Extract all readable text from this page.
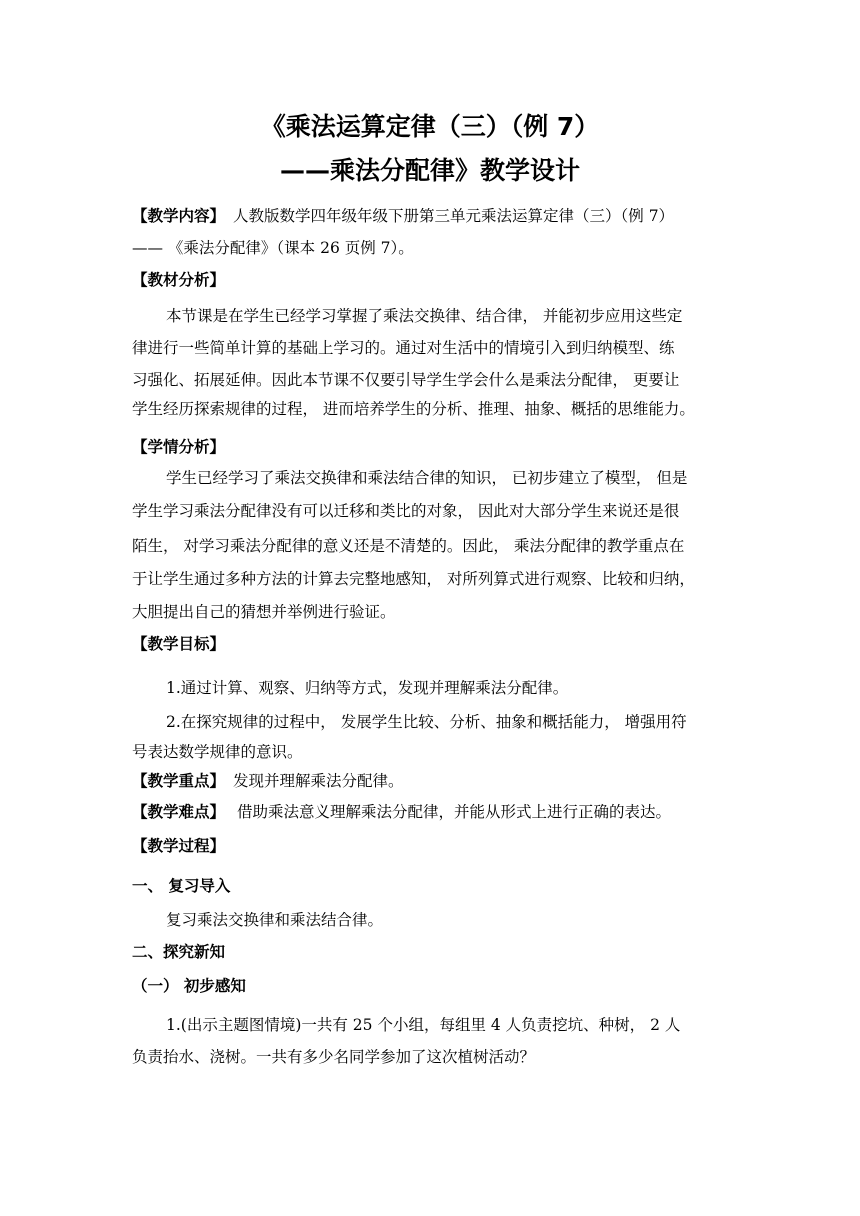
《乘法运算定律（三）（例 7）
——乘法分配律》教学设计
【教学内容】 人教版数学四年级年级下册第三单元乘法运算定律（三）（例 7）
—— 《乘法分配律》（课本 26 页例 7）。
【教材分析】
本节课是在学生已经学习掌握了乘法交换律、结合律， 并能初步应用这些定
律进行一些简单计算的基础上学习的。通过对生活中的情境引入到归纳模型、练
习强化、拓展延伸。因此本节课不仅要引导学生学会什么是乘法分配律， 更要让
学生经历探索规律的过程， 进而培养学生的分析、推理、抽象、概括的思维能力。
【学情分析】
学生已经学习了乘法交换律和乘法结合律的知识， 已初步建立了模型， 但是
学生学习乘法分配律没有可以迁移和类比的对象， 因此对大部分学生来说还是很
陌生， 对学习乘法分配律的意义还是不清楚的。因此， 乘法分配律的教学重点在
于让学生通过多种方法的计算去完整地感知， 对所列算式进行观察、比较和归纳，
大胆提出自己的猜想并举例进行验证。
【教学目标】
1.通过计算、观察、归纳等方式，发现并理解乘法分配律。
2.在探究规律的过程中， 发展学生比较、分析、抽象和概括能力， 增强用符
号表达数学规律的意识。
【教学重点】 发现并理解乘法分配律。
【教学难点】 借助乘法意义理解乘法分配律，并能从形式上进行正确的表达。
【教学过程】
一、 复习导入
复习乘法交换律和乘法结合律。
二、探究新知
（一） 初步感知
1.(出示主题图情境)一共有 25 个小组，每组里 4 人负责挖坑、种树， 2 人
负责抬水、浇树。一共有多少名同学参加了这次植树活动？
